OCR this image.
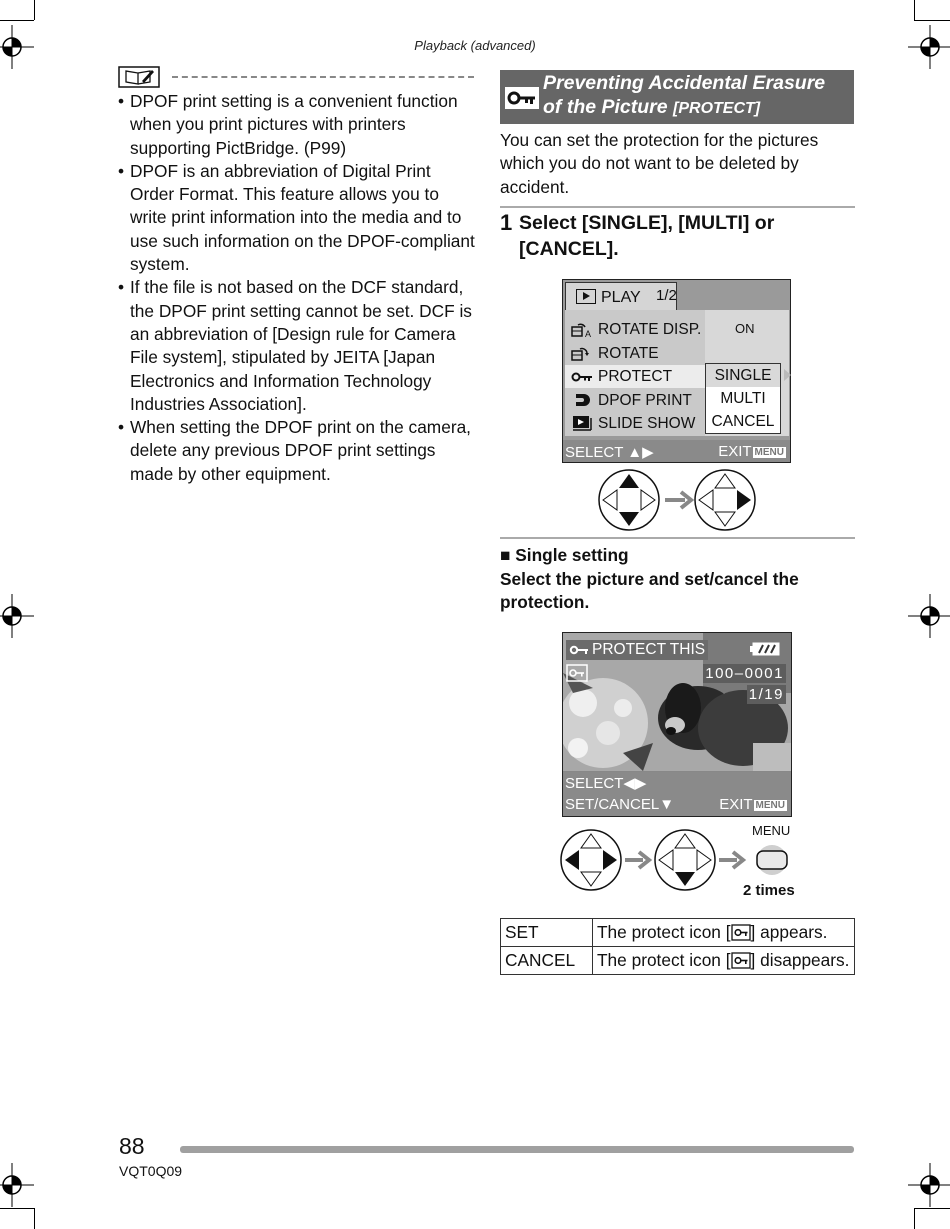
Playback (advanced)
• DPOF print setting is a convenient function when you print pictures with printers supporting PictBridge. (P99)
• DPOF is an abbreviation of Digital Print Order Format. This feature allows you to write print information into the media and to use such information on the DPOF-compliant system.
• If the file is not based on the DCF standard, the DPOF print setting cannot be set. DCF is an abbreviation of [Design rule for Camera File system], stipulated by JEITA [Japan Electronics and Information Technology Industries Association].
• When setting the DPOF print on the camera, delete any previous DPOF print settings made by other equipment.
Preventing Accidental Erasure
of the Picture [PROTECT]
You can set the protection for the pictures which you do not want to be deleted by accident.
1 Select [SINGLE], [MULTI] or [CANCEL].
PLAY 1/2
A ROTATE DISP.
ROTATE
PROTECT
DPOF PRINT
SLIDE SHOW
ON
SINGLE
MULTI
CANCEL
SELECT ▲▶	EXIT MENU
■ Single setting
Select the picture and set/cancel the protection.
PROTECT THIS
100–0001
1/19
SELECT◀▶
SET/CANCEL▼	EXIT MENU
MENU
2 times
SET	The protect icon [ ] appears.
CANCEL	The protect icon [ ] disappears.
88
VQT0Q09
